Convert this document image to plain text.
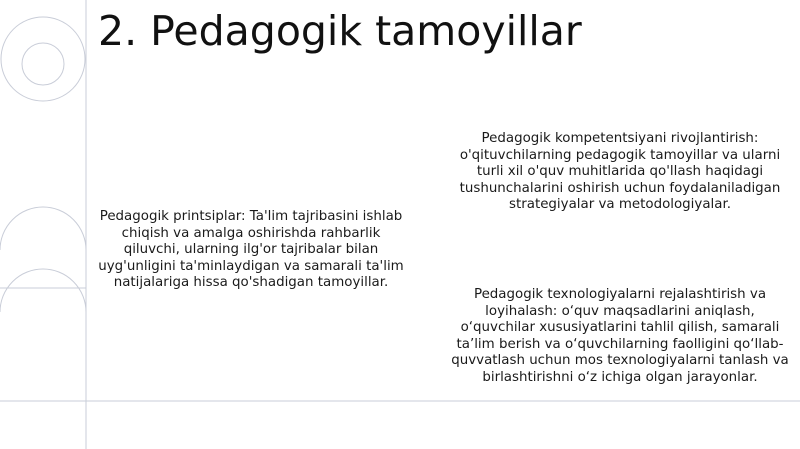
2. Pedagogik tamoyillar

Pedagogik printsiplar: Ta'lim tajribasini ishlab chiqish va amalga oshirishda rahbarlik qiluvchi, ularning ilg'or tajribalar bilan uyg'unligini ta'minlaydigan va samarali ta'lim natijalariga hissa qo'shadigan tamoyillar.

Pedagogik kompetentsiyani rivojlantirish: o'qituvchilarning pedagogik tamoyillar va ularni turli xil o'quv muhitlarida qo'llash haqidagi tushunchalarini oshirish uchun foydalaniladigan strategiyalar va metodologiyalar.

Pedagogik texnologiyalarni rejalashtirish va loyihalash: o‘quv maqsadlarini aniqlash, o‘quvchilar xususiyatlarini tahlil qilish, samarali ta’lim berish va o‘quvchilarning faolligini qo‘llab-quvvatlash uchun mos texnologiyalarni tanlash va birlashtirishni o‘z ichiga olgan jarayonlar.
